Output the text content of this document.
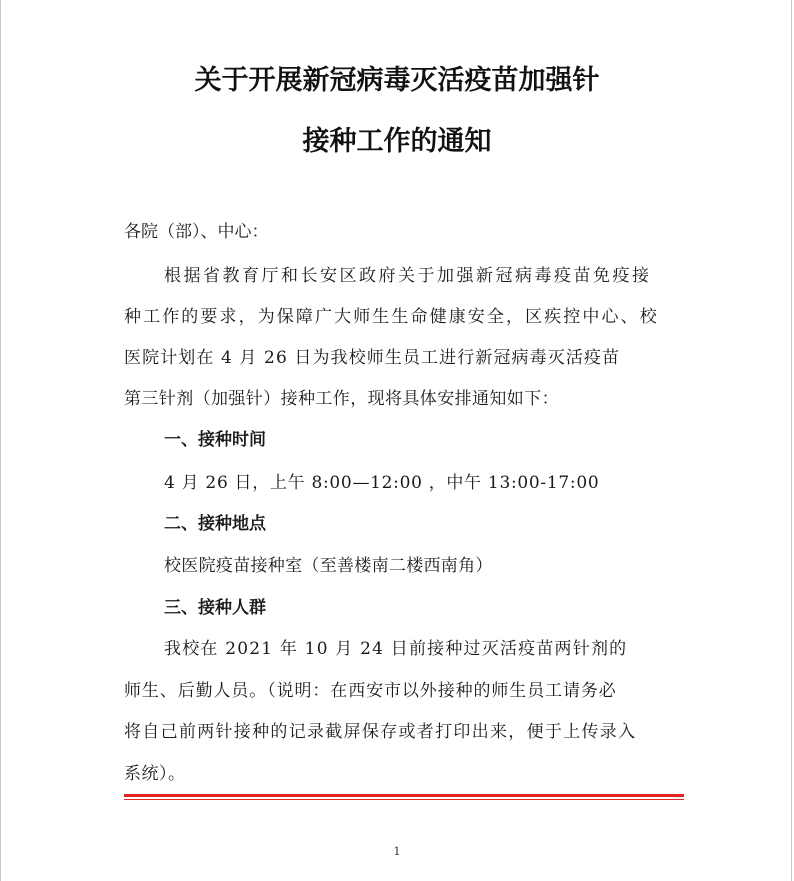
关于开展新冠病毒灭活疫苗加强针
接种工作的通知

各院（部）、中心：

根据省教育厅和长安区政府关于加强新冠病毒疫苗免疫接

种工作的要求，为保障广大师生生命健康安全，区疾控中心、校

医院计划在 4 月 26 日为我校师生员工进行新冠病毒灭活疫苗

第三针剂（加强针）接种工作，现将具体安排通知如下：

一、接种时间

4 月 26 日，上午 8:00—12:00 ，中午 13:00-17:00

二、接种地点

校医院疫苗接种室（至善楼南二楼西南角）

三、接种人群

我校在 2021 年 10 月 24 日前接种过灭活疫苗两针剂的

师生、后勤人员。（说明：在西安市以外接种的师生员工请务必

将自己前两针接种的记录截屏保存或者打印出来，便于上传录入

系统）。

1
